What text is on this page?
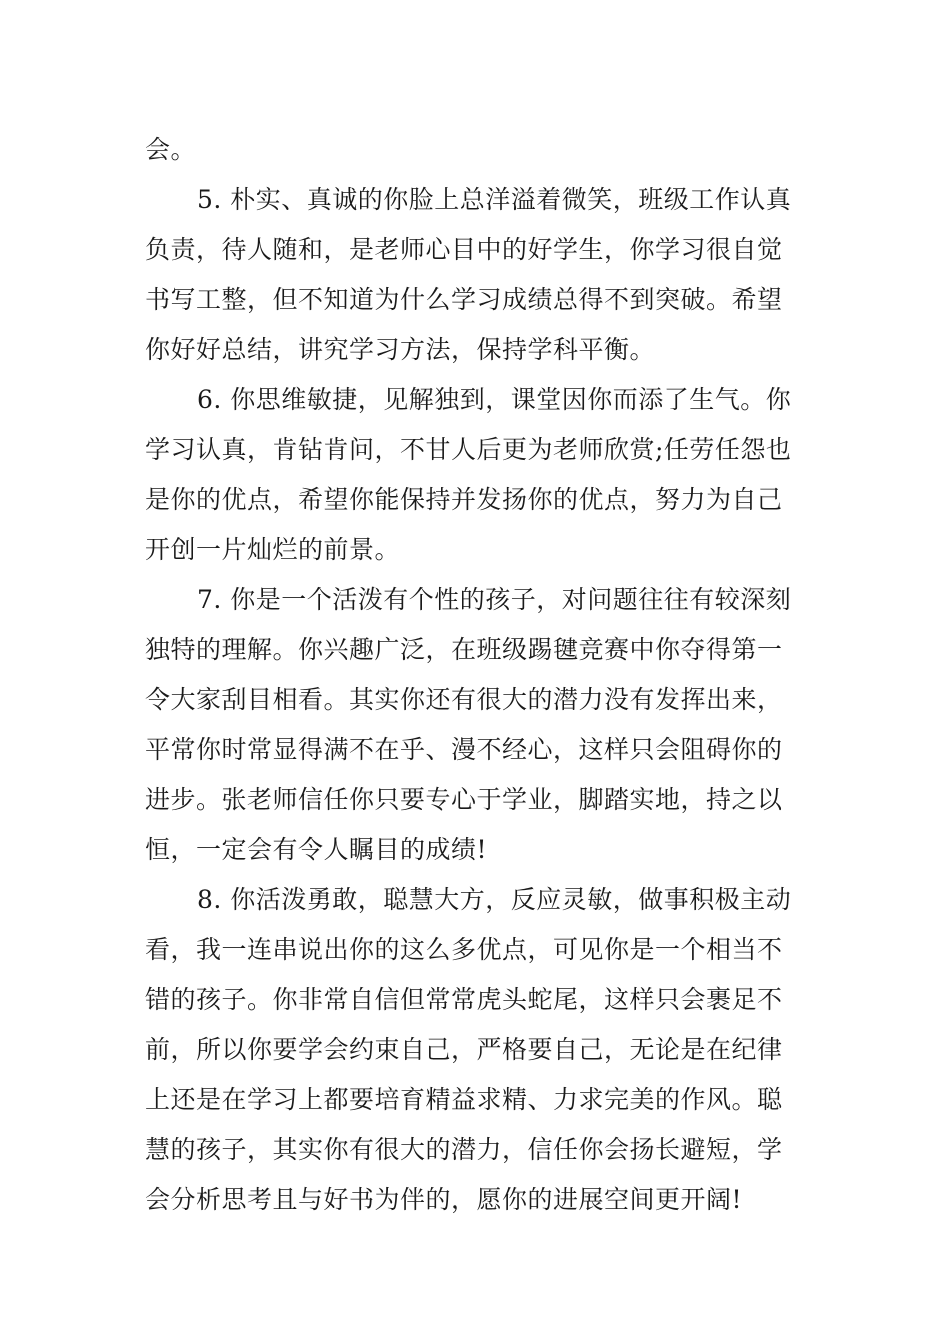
会。
5. 朴实、真诚的你脸上总洋溢着微笑，班级工作认真
负责，待人随和，是老师心目中的好学生，你学习很自觉
书写工整，但不知道为什么学习成绩总得不到突破。希望
你好好总结，讲究学习方法，保持学科平衡。
6. 你思维敏捷，见解独到，课堂因你而添了生气。你
学习认真，肯钻肯问，不甘人后更为老师欣赏;任劳任怨也
是你的优点，希望你能保持并发扬你的优点，努力为自己
开创一片灿烂的前景。
7. 你是一个活泼有个性的孩子，对问题往往有较深刻
独特的理解。你兴趣广泛，在班级踢毽竞赛中你夺得第一
令大家刮目相看。其实你还有很大的潜力没有发挥出来，
平常你时常显得满不在乎、漫不经心，这样只会阻碍你的
进步。张老师信任你只要专心于学业，脚踏实地，持之以
恒，一定会有令人瞩目的成绩!
8. 你活泼勇敢，聪慧大方，反应灵敏，做事积极主动
看，我一连串说出你的这么多优点，可见你是一个相当不
错的孩子。你非常自信但常常虎头蛇尾，这样只会裹足不
前，所以你要学会约束自己，严格要自己，无论是在纪律
上还是在学习上都要培育精益求精、力求完美的作风。聪
慧的孩子，其实你有很大的潜力，信任你会扬长避短，学
会分析思考且与好书为伴的，愿你的进展空间更开阔!
